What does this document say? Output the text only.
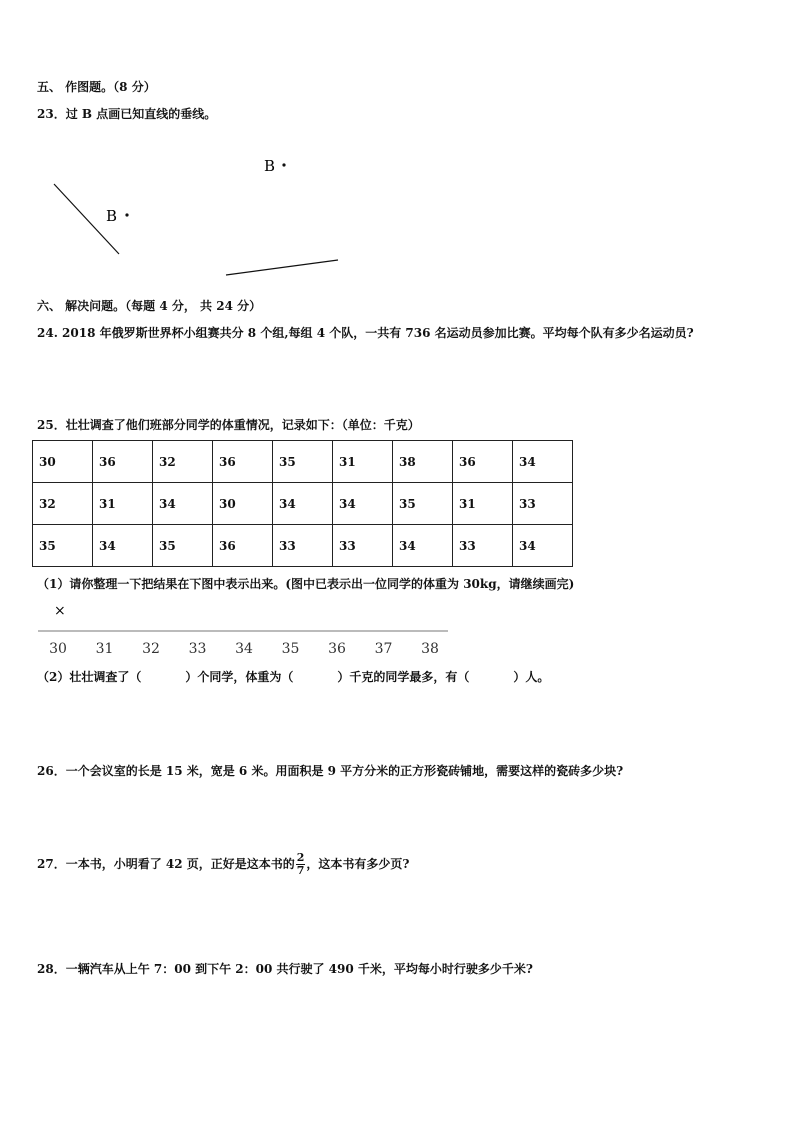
五、 作图题。（8 分）
23．过 B 点画已知直线的垂线。
B
B
六、 解决问题。（每题 4 分， 共 24 分）
24. 2018 年俄罗斯世界杯小组赛共分 8 个组,每组 4 个队，一共有 736 名运动员参加比赛。平均每个队有多少名运动员?
25．壮壮调查了他们班部分同学的体重情况，记录如下：（单位：千克）
30	36	32	36	35	31	38	36	34
32	31	34	30	34	34	35	31	33
35	34	35	36	33	33	34	33	34
（1）请你整理一下把结果在下图中表示出来。(图中已表示出一位同学的体重为 30kg，请继续画完)
×
30 31 32 33 34 35 36 37 38
（2）壮壮调查了（	）个同学，体重为（	）千克的同学最多，有（	）人。
26．一个会议室的长是 15 米，宽是 6 米。用面积是 9 平方分米的正方形瓷砖铺地，需要这样的瓷砖多少块?
27．一本书，小明看了 42 页，正好是这本书的 $\frac{2}{7}$ ，这本书有多少页?
28．一辆汽车从上午 7：00 到下午 2：00 共行驶了 490 千米，平均每小时行驶多少千米?
